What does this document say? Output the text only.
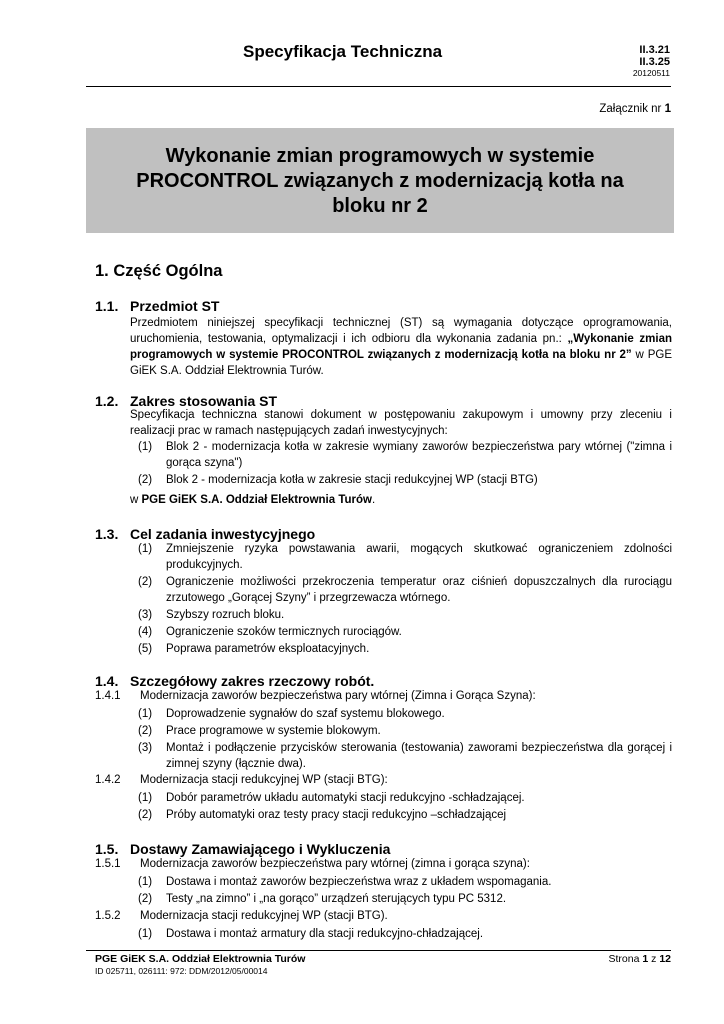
Specyfikacja Techniczna	II.3.21
II.3.25
20120511
Załącznik nr 1
Wykonanie zmian programowych w systemie
PROCONTROL związanych z modernizacją kotła na
bloku nr 2
1. Część Ogólna
1.1. Przedmiot ST
Przedmiotem niniejszej specyfikacji technicznej (ST) są wymagania dotyczące oprogramowania, uruchomienia, testowania, optymalizacji i ich odbioru dla wykonania zadania pn.: „Wykonanie zmian programowych w systemie PROCONTROL związanych z modernizacją kotła na bloku nr 2” w PGE GiEK S.A. Oddział Elektrownia Turów.
1.2. Zakres stosowania ST
Specyfikacja techniczna stanowi dokument w postępowaniu zakupowym i umowny przy zleceniu i realizacji prac w ramach następujących zadań inwestycyjnych:
(1) Blok 2 - modernizacja kotła w zakresie wymiany zaworów bezpieczeństwa pary wtórnej ("zimna i gorąca szyna")
(2) Blok 2 - modernizacja kotła w zakresie stacji redukcyjnej WP (stacji BTG)
w PGE GiEK S.A. Oddział Elektrownia Turów.
1.3. Cel zadania inwestycyjnego
(1) Zmniejszenie ryzyka powstawania awarii, mogących skutkować ograniczeniem zdolności produkcyjnych.
(2) Ograniczenie możliwości przekroczenia temperatur oraz ciśnień dopuszczalnych dla rurociągu zrzutowego „Gorącej Szyny” i przegrzewacza wtórnego.
(3) Szybszy rozruch bloku.
(4) Ograniczenie szoków termicznych rurociągów.
(5) Poprawa parametrów eksploatacyjnych.
1.4. Szczegółowy zakres rzeczowy robót.
1.4.1 Modernizacja zaworów bezpieczeństwa pary wtórnej (Zimna i Gorąca Szyna):
(1) Doprowadzenie sygnałów do szaf systemu blokowego.
(2) Prace programowe w systemie blokowym.
(3) Montaż i podłączenie przycisków sterowania (testowania) zaworami bezpieczeństwa dla gorącej i zimnej szyny (łącznie dwa).
1.4.2 Modernizacja stacji redukcyjnej WP (stacji BTG):
(1) Dobór parametrów układu automatyki stacji redukcyjno -schładzającej.
(2) Próby automatyki oraz testy pracy stacji redukcyjno –schładzającej
1.5. Dostawy Zamawiającego i Wykluczenia
1.5.1 Modernizacja zaworów bezpieczeństwa pary wtórnej (zimna i gorąca szyna):
(1) Dostawa i montaż zaworów bezpieczeństwa wraz z układem wspomagania.
(2) Testy „na zimno” i „na gorąco” urządzeń sterujących typu PC 5312.
1.5.2 Modernizacja stacji redukcyjnej WP (stacji BTG).
(1) Dostawa i montaż armatury dla stacji redukcyjno-chładzającej.
PGE GiEK S.A. Oddział Elektrownia Turów
ID 025711, 026111: 972: DDM/2012/05/00014
Strona 1 z 12
